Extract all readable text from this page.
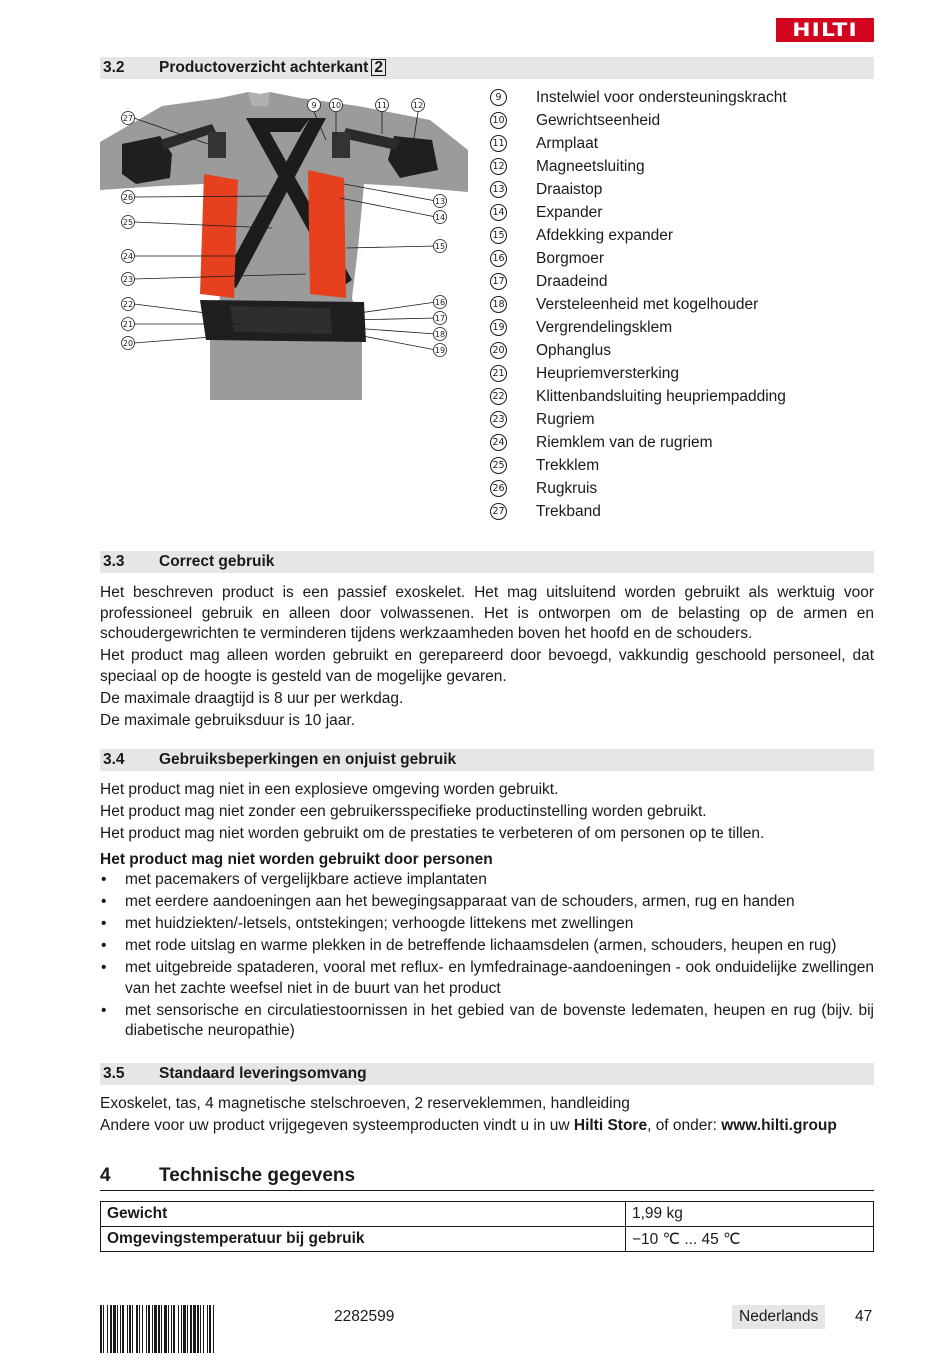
HILTI
3.2 Productoverzicht achterkant 2
27
9 10	11	12
13
14
15
16
17
18
19
26
25
24
23
22
21
20
9	Instelwiel voor ondersteuningskracht
10 Gewrichtseenheid
11 Armplaat
12 Magneetsluiting
13 Draaistop
14 Expander
15 Afdekking expander
16 Borgmoer
17 Draadeind
18 Versteleenheid met kogelhouder
19 Vergrendelingsklem
20 Ophanglus
21 Heupriemversterking
22 Klittenbandsluiting heupriempadding
23 Rugriem
24 Riemklem van de rugriem
25 Trekklem
26 Rugkruis
27 Trekband
3.3 Correct gebruik

Het beschreven product is een passief exoskelet. Het mag uitsluitend worden gebruikt als werktuig voor professioneel gebruik en alleen door volwassenen. Het is ontworpen om de belasting op de armen en schoudergewrichten te verminderen tijdens werkzaamheden boven het hoofd en de schouders.

Het product mag alleen worden gebruikt en gerepareerd door bevoegd, vakkundig geschoold personeel, dat speciaal op de hoogte is gesteld van de mogelijke gevaren.

De maximale draagtijd is 8 uur per werkdag.

De maximale gebruiksduur is 10 jaar.

3.4 Gebruiksbeperkingen en onjuist gebruik

Het product mag niet in een explosieve omgeving worden gebruikt.

Het product mag niet zonder een gebruikersspecifieke productinstelling worden gebruikt.

Het product mag niet worden gebruikt om de prestaties te verbeteren of om personen op te tillen.

Het product mag niet worden gebruikt door personen

• met pacemakers of vergelijkbare actieve implantaten
• met eerdere aandoeningen aan het bewegingsapparaat van de schouders, armen, rug en handen
• met huidziekten/-letsels, ontstekingen; verhoogde littekens met zwellingen
• met rode uitslag en warme plekken in de betreffende lichaamsdelen (armen, schouders, heupen en rug)
• met uitgebreide spataderen, vooral met reflux- en lymfedrainage-aandoeningen - ook onduidelijke zwellingen van het zachte weefsel niet in de buurt van het product
• met sensorische en circulatiestoornissen in het gebied van de bovenste ledematen, heupen en rug (bijv. bij diabetische neuropathie)
3.5 Standaard leveringsomvang

Exoskelet, tas, 4 magnetische stelschroeven, 2 reserveklemmen, handleiding

Andere voor uw product vrijgegeven systeemproducten vindt u in uw Hilti Store, of onder: www.hilti.group

4	Technische gegevens
Gewicht	1,99 kg
Omgevingstemperatuur bij gebruik	−10 ℃ ... 45 ℃
2282599	Nederlands	47
